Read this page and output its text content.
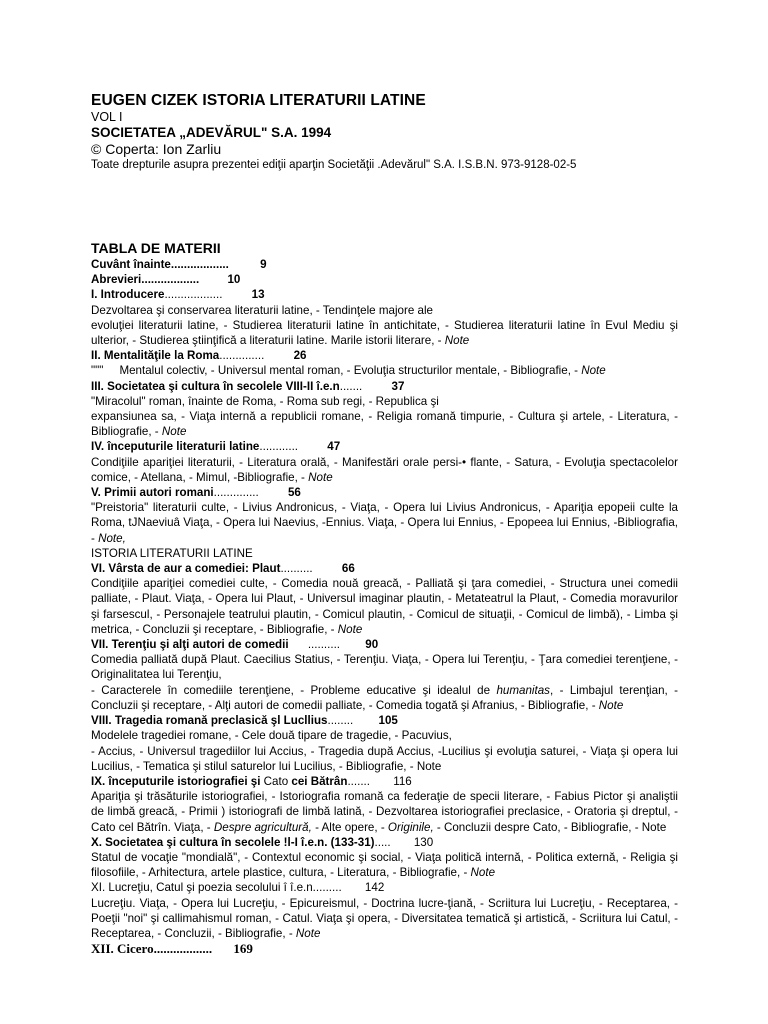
EUGEN CIZEK ISTORIA LITERATURII LATINE
VOL I
SOCIETATEA „ADEVĂRUL" S.A. 1994
© Coperta: Ion Zarliu
Toate drepturile asupra prezentei ediţii aparţin Societăţii .Adevărul" S.A. I.S.B.N. 973-9128-02-5
TABLA DE MATERII
Cuvânt înainte..................	9
Abrevieri.................. 10
I. Introducere..................	13
Dezvoltarea şi conservarea literaturii latine, - Tendinţele majore ale
evoluţiei literaturii latine, - Studierea literaturii latine în antichitate, - Studierea literaturii latine în Evul Mediu şi ulterior, - Studierea ştiinţifică a literaturii latine. Marile istorii literare, - Note
II. Mentalităţile la Roma..............	26
"""     Mentalul colectiv, - Universul mental roman, - Evoluţia structurilor mentale, - Bibliografie, - Note
III. Societatea şi cultura în secolele VIII-II î.e.n.......	37
"Miracolul" roman, înainte de Roma, - Roma sub regi, - Republica şi
expansiunea sa, - Viaţa internă a republicii romane, - Religia romană timpurie, - Cultura şi artele, - Literatura, - Bibliografie, - Note
IV. începuturile literaturii latine............	47
Condiţiile apariţiei literaturii, - Literatura orală, - Manifestări orale persi-• flante, - Satura, - Evoluţia spectacolelor comice, - Atellana, - Mimul, -Bibliografie, - Note
V. Primii autori romani..............	56
"Preistoria" literaturii culte, - Livius Andronicus, - Viaţa, - Opera lui Livius Andronicus, - Apariţia epopeii culte la Roma, tJNaeviuâ Viaţa, - Opera lui Naevius, -Ennius. Viaţa, - Opera lui Ennius, - Epopeea lui Ennius, -Bibliografia, - Note,
ISTORIA LITERATURII LATINE
VI. Vârsta de aur a comediei: Plaut..........	66
Condiţiile apariţiei comediei culte, - Comedia nouă greacă, - Palliată şi ţara comediei, - Structura unei comedii palliate, - Plaut. Viaţa, - Opera lui Plaut, - Universul imaginar plautin, - Metateatrul la Plaut, - Comedia moravurilor şi farsescul, - Personajele teatrului plautin, - Comicul plautin, - Comicul de situaţii, - Comicul de limbă), - Limba şi metrica, - Concluzii şi receptare, - Bibliografie, - Note
VII. Terenţiu şi alţi autori de comedii .......... 90
Comedia palliată după Plaut. Caecilius Statius, - Terenţiu. Viaţa, - Opera lui Terenţiu, - Ţara comediei terenţiene, - Originalitatea lui Terenţiu,
- Caracterele în comediile terenţiene, - Probleme educative şi idealul de humanitas, - Limbajul terenţian, - Concluzii şi receptare, - Alţi autori de comedii palliate, - Comedia togată şi Afranius, - Bibliografie, - Note
VIII. Tragedia romană preclasică şl Lucllius........ 105
Modelele tragediei romane, - Cele două tipare de tragedie, - Pacuvius,
- Accius, - Universul tragediilor lui Accius, - Tragedia după Accius, -Lucilius şi evoluţia saturei, - Viaţa şi opera lui Lucilius, - Tematica şi stilul saturelor lui Lucilius, - Bibliografie, - Note
IX. începuturile istoriografiei şi Cato cei Bătrân....... 116
Apariţia şi trăsăturile istoriografiei, - Istoriografia romană ca federaţie de specii literare, - Fabius Pictor şi analiştii de limbă greacă, - Primii ) istoriografi de limbă latină, - Dezvoltarea istoriografiei preclasice, - Oratoria şi dreptul, - Cato cel Bătrîn. Viaţa, - Despre agricultură, - Alte opere, - Originile, - Concluzii despre Cato, - Bibliografie, - Note
X. Societatea şi cultura în secolele !l-I î.e.n. (133-31)..... 130
Statul de vocaţie "mondială", - Contextul economic şi social, - Viaţa politică internă, - Politica externă, - Religia şi filosofiile, - Arhitectura, artele plastice, cultura, - Literatura, - Bibliografie, - Note
XI. Lucreţiu, Catul şi poezia secolului î î.e.n......... 142
Lucreţiu. Viaţa, - Opera lui Lucreţiu, - Epicureismul, - Doctrina lucre-ţiană, - Scriitura lui Lucreţiu, - Receptarea, - Poeţii "noi" şi callimahismul roman, - Catul. Viaţa şi opera, - Diversitatea tematică şi artistică, - Scriitura lui Catul, - Receptarea, - Concluzii, - Bibliografie, - Note
XII. Cicero.................. 169
